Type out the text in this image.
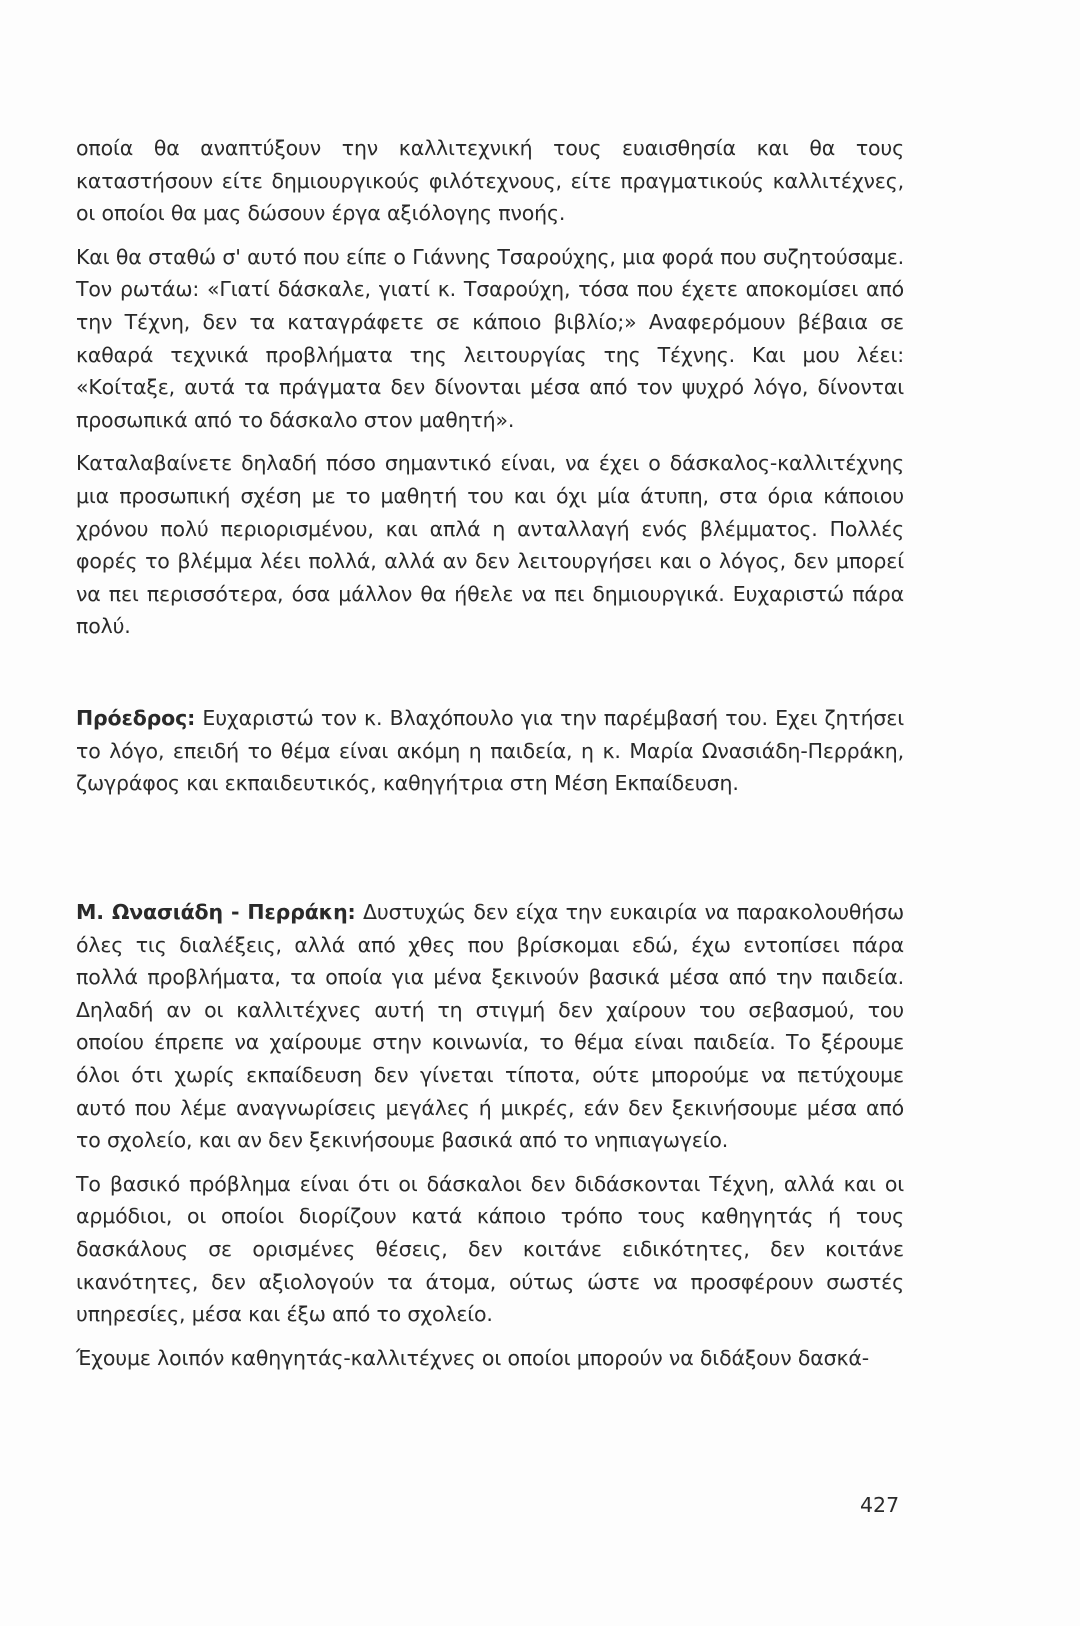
οποία θα αναπτύξουν την καλλιτεχνική τους ευαισθησία και θα τους καταστήσουν είτε δημιουργικούς φιλότεχνους, είτε πραγματικούς καλλιτέχνες, οι οποίοι θα μας δώσουν έργα αξιόλογης πνοής.

Και θα σταθώ σ' αυτό που είπε ο Γιάννης Τσαρούχης, μια φορά που συζητούσαμε. Τον ρωτάω: «Γιατί δάσκαλε, γιατί κ. Τσαρούχη, τόσα που έχετε αποκομίσει από την Τέχνη, δεν τα καταγράφετε σε κάποιο βιβλίο;» Αναφερόμουν βέβαια σε καθαρά τεχνικά προβλήματα της λειτουργίας της Τέχνης. Και μου λέει: «Κοίταξε, αυτά τα πράγματα δεν δίνονται μέσα από τον ψυχρό λόγο, δίνονται προσωπικά από το δάσκαλο στον μαθητή».

Καταλαβαίνετε δηλαδή πόσο σημαντικό είναι, να έχει ο δάσκαλος-καλλιτέχνης μια προσωπική σχέση με το μαθητή του και όχι μία άτυπη, στα όρια κάποιου χρόνου πολύ περιορισμένου, και απλά η ανταλλαγή ενός βλέμματος. Πολλές φορές το βλέμμα λέει πολλά, αλλά αν δεν λειτουργήσει και ο λόγος, δεν μπορεί να πει περισσότερα, όσα μάλλον θα ήθελε να πει δημιουργικά. Ευχαριστώ πάρα πολύ.

Πρόεδρος: Ευχαριστώ τον κ. Βλαχόπουλο για την παρέμβασή του. Εχει ζητήσει το λόγο, επειδή το θέμα είναι ακόμη η παιδεία, η κ. Μαρία Ωνασιάδη-Περράκη, ζωγράφος και εκπαιδευτικός, καθηγήτρια στη Μέση Εκπαίδευση.

Μ. Ωνασιάδη - Περράκη: Δυστυχώς δεν είχα την ευκαιρία να παρακολουθήσω όλες τις διαλέξεις, αλλά από χθες που βρίσκομαι εδώ, έχω εντοπίσει πάρα πολλά προβλήματα, τα οποία για μένα ξεκινούν βασικά μέσα από την παιδεία. Δηλαδή αν οι καλλιτέχνες αυτή τη στιγμή δεν χαίρουν του σεβασμού, του οποίου έπρεπε να χαίρουμε στην κοινωνία, το θέμα είναι παιδεία. Το ξέρουμε όλοι ότι χωρίς εκπαίδευση δεν γίνεται τίποτα, ούτε μπορούμε να πετύχουμε αυτό που λέμε αναγνωρίσεις μεγάλες ή μικρές, εάν δεν ξεκινήσουμε μέσα από το σχολείο, και αν δεν ξεκινήσουμε βασικά από το νηπιαγωγείο.

Το βασικό πρόβλημα είναι ότι οι δάσκαλοι δεν διδάσκονται Τέχνη, αλλά και οι αρμόδιοι, οι οποίοι διορίζουν κατά κάποιο τρόπο τους καθηγητάς ή τους δασκάλους σε ορισμένες θέσεις, δεν κοιτάνε ειδικότητες, δεν κοιτάνε ικανότητες, δεν αξιολογούν τα άτομα, ούτως ώστε να προσφέρουν σωστές υπηρεσίες, μέσα και έξω από το σχολείο.

Έχουμε λοιπόν καθηγητάς-καλλιτέχνες οι οποίοι μπορούν να διδάξουν δασκά-

427
